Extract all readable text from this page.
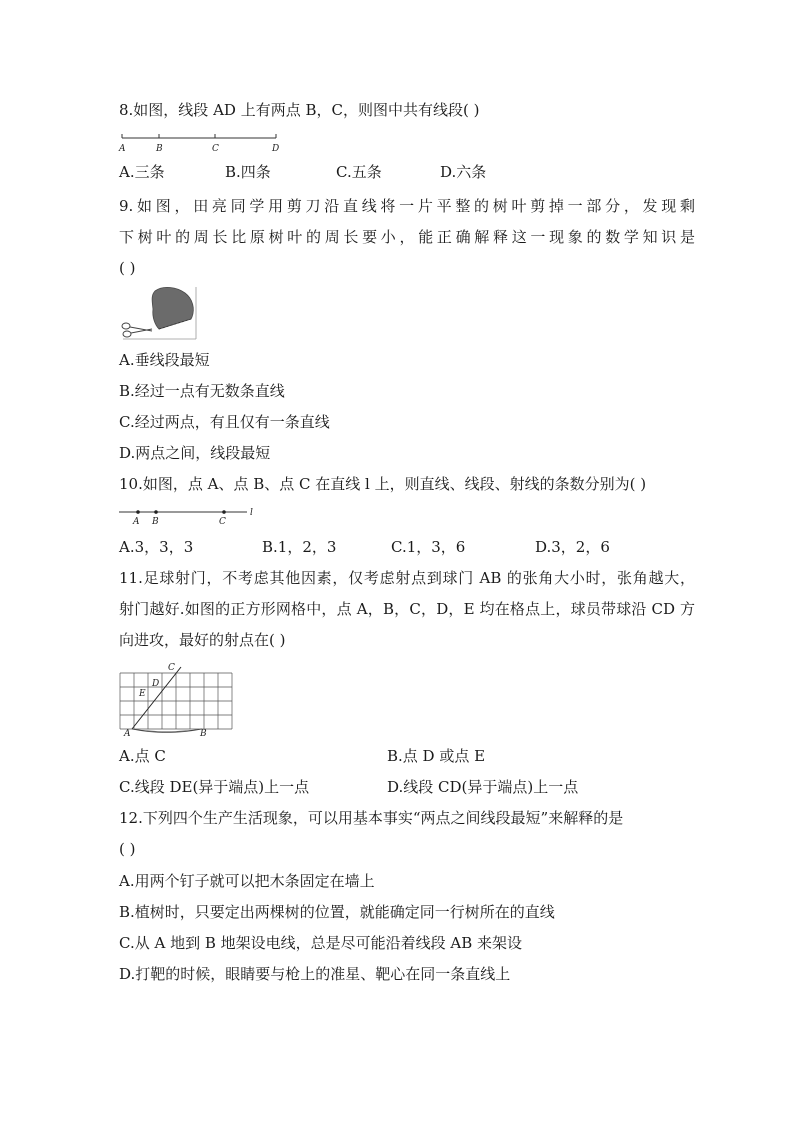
8.如图，线段 AD 上有两点 B，C，则图中共有线段( )
A	B	C	D
A.三条	B.四条	C.五条	D.六条
9.如图，田亮同学用剪刀沿直线将一片平整的树叶剪掉一部分，发现剩
下树叶的周长比原树叶的周长要小，能正确解释这一现象的数学知识是
( )
A.垂线段最短
B.经过一点有无数条直线
C.经过两点，有且仅有一条直线
D.两点之间，线段最短
10.如图，点 A、点 B、点 C 在直线 l 上，则直线、线段、射线的条数分别为( )
A B	C
l
A.3，3，3	B.1，2，3	C.1，3，6	D.3，2，6
11.足球射门，不考虑其他因素，仅考虑射点到球门 AB 的张角大小时，张角越大，
射门越好.如图的正方形网格中，点 A，B，C，D，E 均在格点上，球员带球沿 CD 方
向进攻，最好的射点在( )
C
D
E
A	B
A.点 C	B.点 D 或点 E
C.线段 DE(异于端点)上一点	D.线段 CD(异于端点)上一点
12.下列四个生产生活现象，可以用基本事实“两点之间线段最短”来解释的是
( )
A.用两个钉子就可以把木条固定在墙上
B.植树时，只要定出两棵树的位置，就能确定同一行树所在的直线
C.从 A 地到 B 地架设电线，总是尽可能沿着线段 AB 来架设
D.打靶的时候，眼睛要与枪上的准星、靶心在同一条直线上
